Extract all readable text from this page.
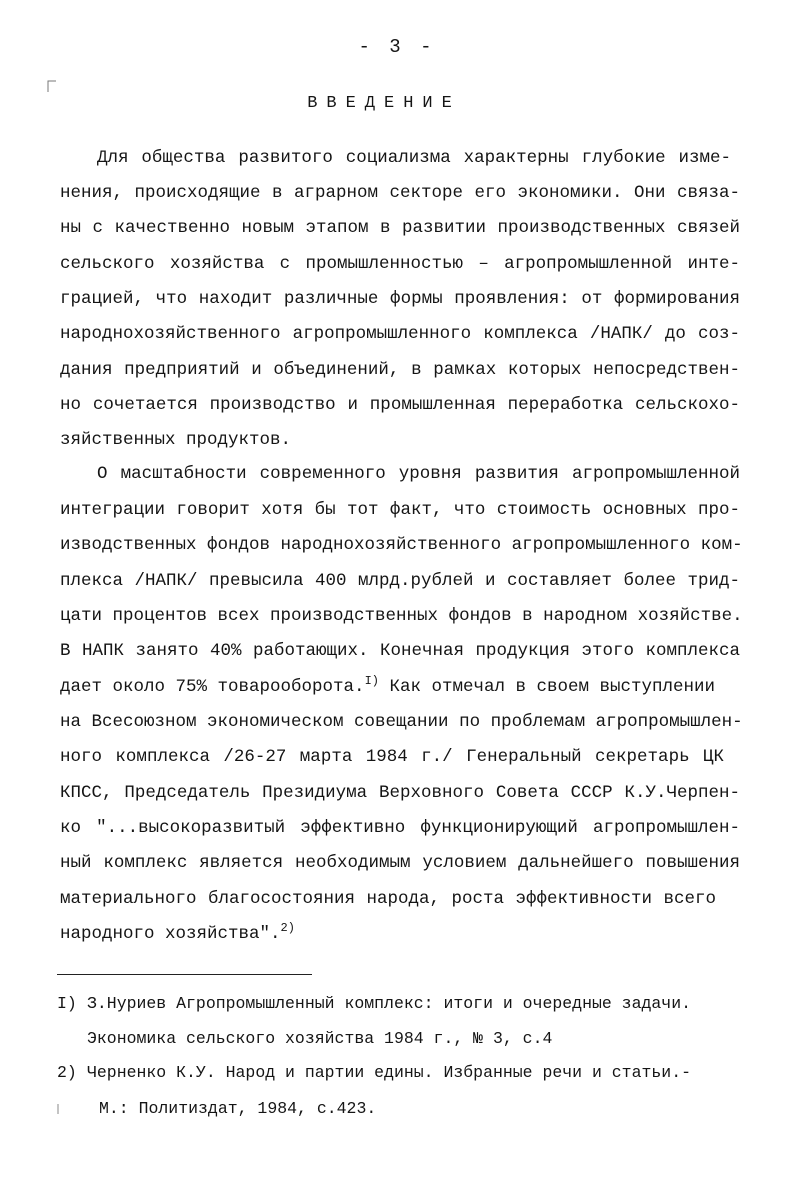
- 3 -
ВВЕДЕНИЕ
Для общества развитого социализма характерны глубокие изме-
нения, происходящие в аграрном секторе его экономики. Они связа-
ны с качественно новым этапом в развитии производственных связей
сельского хозяйства с промышленностью – агропромышленной инте-
грацией, что находит различные формы проявления: от формирования
народнохозяйственного агропромышленного комплекса /НАПК/ до соз-
дания предприятий и объединений, в рамках которых непосредствен-
но сочетается производство и промышленная переработка сельскохо-
зяйственных продуктов.
О масштабности современного уровня развития агропромышленной
интеграции говорит хотя бы тот факт, что стоимость основных про-
изводственных фондов народнохозяйственного агропромышленного ком-
плекса /НАПК/ превысила 400 млрд.рублей и составляет более трид-
цати процентов всех производственных фондов в народном хозяйстве.
В НАПК занято 40% работающих. Конечная продукция этого комплекса
дает около 75% товарооборота.$^{I)}$ Как отмечал в своем выступлении
на Всесоюзном экономическом совещании по проблемам агропромышлен-
ного комплекса /26-27 марта 1984 г./ Генеральный секретарь ЦК
КПСС, Председатель Президиума Верховного Совета СССР К.У.Черпен-
ко "...высокоразвитый эффективно функционирующий агропромышлен-
ный комплекс является необходимым условием дальнейшего повышения
материального благосостояния народа, роста эффективности всего
народного хозяйства".$^{2)}$
I) З.Нуриев Агропромышленный комплекс: итоги и очередные задачи.
Экономика сельского хозяйства 1984 г., № 3, с.4
2) Черненко К.У. Народ и партии едины. Избранные речи и статьи.-
М.: Политиздат, 1984, с.423.
